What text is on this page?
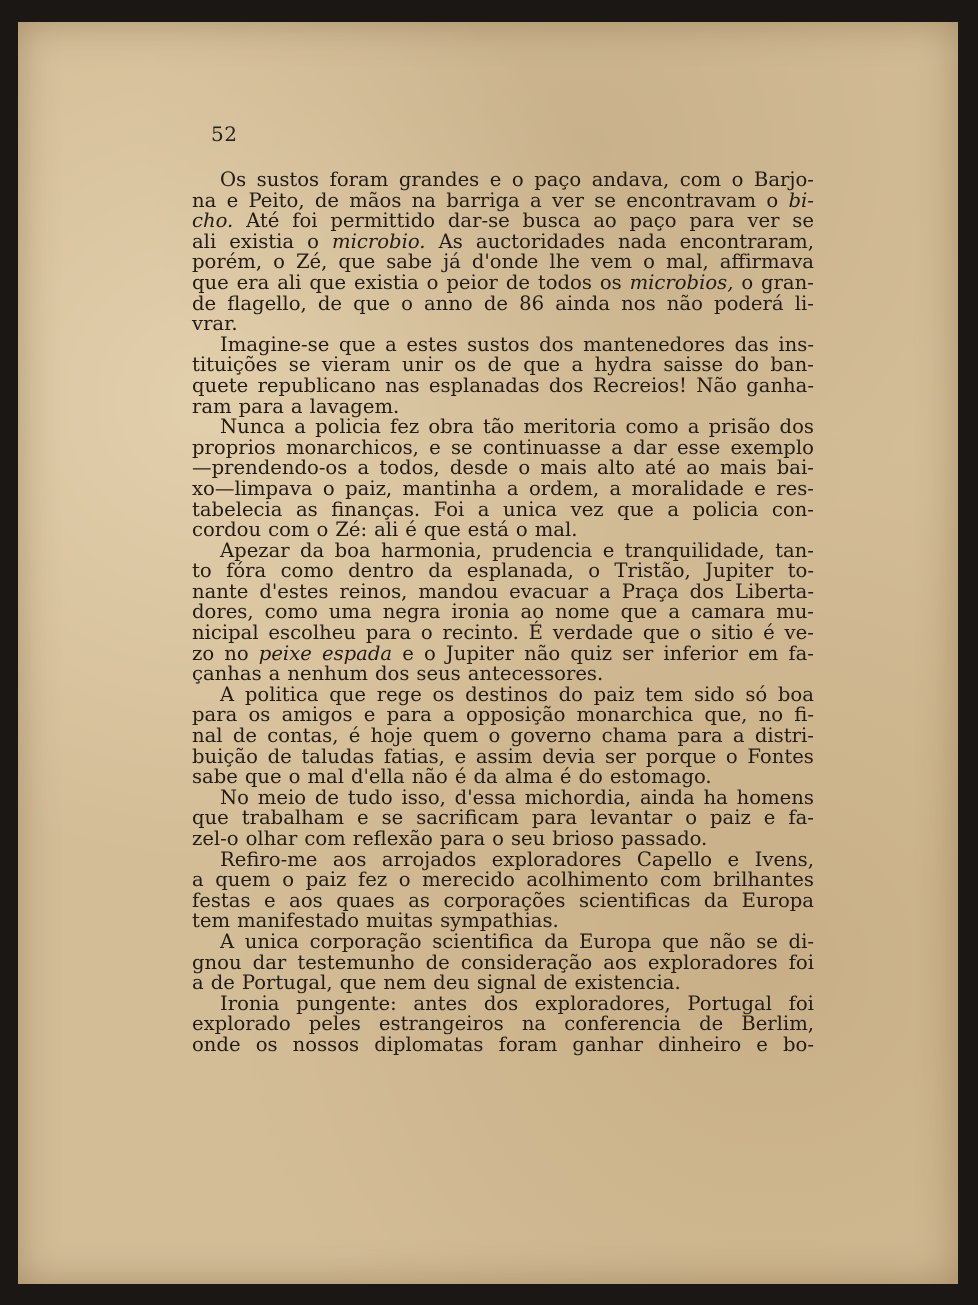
52
Os sustos foram grandes e o paço andava, com o Barjo-
na e Peito, de mãos na barriga a ver se encontravam o bi-
cho. Até foi permittido dar-se busca ao paço para ver se
ali existia o microbio. As auctoridades nada encontraram,
porém, o Zé, que sabe já d'onde lhe vem o mal, affirmava
que era ali que existia o peior de todos os microbios, o gran-
de flagello, de que o anno de 86 ainda nos não poderá li-
vrar.
Imagine-se que a estes sustos dos mantenedores das ins-
tituições se vieram unir os de que a hydra saisse do ban-
quete republicano nas esplanadas dos Recreios! Não ganha-
ram para a lavagem.
Nunca a policia fez obra tão meritoria como a prisão dos
proprios monarchicos, e se continuasse a dar esse exemplo
—prendendo-os a todos, desde o mais alto até ao mais bai-
xo—limpava o paiz, mantinha a ordem, a moralidade e res-
tabelecia as finanças. Foi a unica vez que a policia con-
cordou com o Zé: ali é que está o mal.
Apezar da boa harmonia, prudencia e tranquilidade, tan-
to fóra como dentro da esplanada, o Tristão, Jupiter to-
nante d'estes reinos, mandou evacuar a Praça dos Liberta-
dores, como uma negra ironia ao nome que a camara mu-
nicipal escolheu para o recinto. É verdade que o sitio é ve-
zo no peixe espada e o Jupiter não quiz ser inferior em fa-
çanhas a nenhum dos seus antecessores.
A politica que rege os destinos do paiz tem sido só boa
para os amigos e para a opposição monarchica que, no fi-
nal de contas, é hoje quem o governo chama para a distri-
buição de taludas fatias, e assim devia ser porque o Fontes
sabe que o mal d'ella não é da alma é do estomago.
No meio de tudo isso, d'essa michordia, ainda ha homens
que trabalham e se sacrificam para levantar o paiz e fa-
zel-o olhar com reflexão para o seu brioso passado.
Refiro-me aos arrojados exploradores Capello e Ivens,
a quem o paiz fez o merecido acolhimento com brilhantes
festas e aos quaes as corporações scientificas da Europa
tem manifestado muitas sympathias.
A unica corporação scientifica da Europa que não se di-
gnou dar testemunho de consideração aos exploradores foi
a de Portugal, que nem deu signal de existencia.
Ironia pungente: antes dos exploradores, Portugal foi
explorado peles estrangeiros na conferencia de Berlim,
onde os nossos diplomatas foram ganhar dinheiro e bo-
